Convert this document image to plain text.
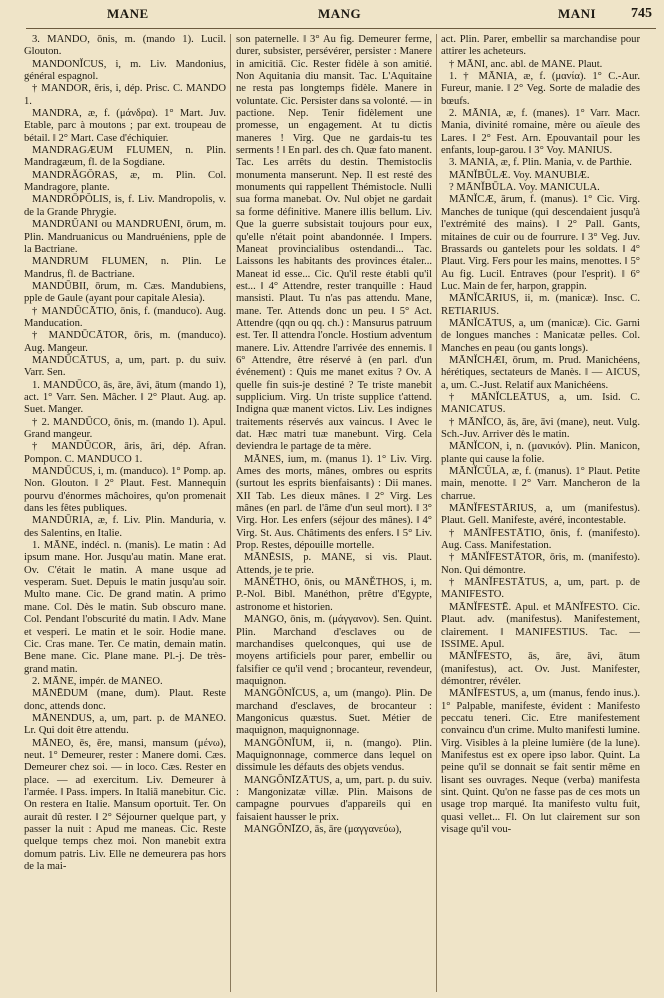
MANE	MANG	MANI 745

3. MANDO, ōnis, m. (mando 1). Lucil. Glouton.

MANDONĬCUS, i, m. Liv. Mandonius, général espagnol.

† MANDOR, ēris, i, dép. Prisc. C. MANDO 1.

MANDRA, æ, f. (μάνδρα). 1° Mart. Juv. Etable, parc à moutons ; par ext. troupeau de bétail. ‖ 2° Mart. Case d'échiquier.

MANDRAGÆUM FLUMEN, n. Plin. Mandragæum, fl. de la Sogdiane.

MANDRĂGŎRAS, æ, m. Plin. Col. Mandragore, plante.

MANDRŌPŎLIS, is, f. Liv. Mandropolis, v. de la Grande Phrygie.

MANDRŬANI ou MANDRUĒNI, ōrum, m. Plin. Mandruanicus ou Mandruéniens, pple de la Bactriane.

MANDRUM FLUMEN, n. Plin. Le Mandrus, fl. de Bactriane.

MANDŪBII, ōrum, m. Cæs. Mandubiens, pple de Gaule (ayant pour capitale Alesia).

† MANDŪCĀTIO, ōnis, f. (manduco). Aug. Manducation.

† MANDŪCĀTOR, ōris, m. (manduco). Aug. Mangeur.

MANDŪCĀTUS, a, um, part. p. du suiv. Varr. Sen.

1. MANDŪCO, ās, āre, āvi, ātum (mando 1), act. 1° Varr. Sen. Mâcher. ‖ 2° Plaut. Aug. ap. Suet. Manger.

† 2. MANDŪCO, ōnis, m. (mando 1). Apul. Grand mangeur.

† MANDŪCOR, āris, āri, dép. Afran. Pompon. C. MANDUCO 1.

MANDŪCUS, i, m. (manduco). 1° Pomp. ap. Non. Glouton. ‖ 2° Plaut. Fest. Mannequin pourvu d'énormes mâchoires, qu'on promenait dans les fêtes publiques.

MANDŪRIA, æ, f. Liv. Plin. Manduria, v. des Salentins, en Italie.

1. MĀNE, indécl. n. (manis). Le matin : Ad ipsum mane. Hor. Jusqu'au matin. Mane erat. Ov. C'était le matin. A mane usque ad vesperam. Suet. Depuis le matin jusqu'au soir. Multo mane. Cic. De grand matin. A primo mane. Col. Dès le matin. Sub obscuro mane. Col. Pendant l'obscurité du matin. ‖ Adv. Mane et vesperi. Le matin et le soir. Hodie mane. Cic. Cras mane. Ter. Ce matin, demain matin. Bene mane. Cic. Plane mane. Pl.-j. De très-grand matin.

2. MĀNE, impér. de MANEO.

MĀNĒDUM (mane, dum). Plaut. Reste donc, attends donc.

MĀNENDUS, a, um, part. p. de MANEO. Lr. Qui doit être attendu.

MĀNEO, ēs, ēre, mansi, mansum (μένω), neut. 1° Demeurer, rester : Manere domi. Cæs. Demeurer chez soi. — in loco. Cæs. Rester en place. — ad exercitum. Liv. Demeurer à l'armée. ‖ Pass. impers. In Italiā manebitur. Cic. On restera en Italie. Mansum oportuit. Ter. On aurait dû rester. ‖ 2° Séjourner quelque part, y passer la nuit : Apud me maneas. Cic. Reste quelque temps chez moi. Non manebit extra domum patris. Liv. Elle ne demeurera pas hors de la mai-

son paternelle. ‖ 3° Au fig. Demeurer ferme, durer, subsister, persévérer, persister : Manere in amicitiā. Cic. Rester fidèle à son amitié. Non Aquitania diu mansit. Tac. L'Aquitaine ne resta pas longtemps fidèle. Manere in voluntate. Cic. Persister dans sa volonté. — in pactione. Nep. Tenir fidèlement une promesse, un engagement. At tu dictis maneres ! Virg. Que ne gardais-tu tes serments ! ‖ En parl. des ch. Quæ fato manent. Tac. Les arrêts du destin. Themistoclis monumenta manserunt. Nep. Il est resté des monuments qui rappellent Thémistocle. Nulli sua forma manebat. Ov. Nul objet ne gardait sa forme définitive. Manere illis bellum. Liv. Que la guerre subsistait toujours pour eux, qu'elle n'était point abandonnée. ‖ Impers. Maneat provincialibus ostendandi... Tac. Laissons les habitants des provinces étaler... Maneat id esse... Cic. Qu'il reste établi qu'il est... ‖ 4° Attendre, rester tranquille : Haud mansisti. Plaut. Tu n'as pas attendu. Mane, mane. Ter. Attends donc un peu. ‖ 5° Act. Attendre (qqn ou qq. ch.) : Mansurus patruum est. Ter. Il attendra l'oncle. Hostium adventum manere. Liv. Attendre l'arrivée des ennemis. ‖ 6° Attendre, être réservé à (en parl. d'un événement) : Quis me manet exitus ? Ov. A quelle fin suis-je destiné ? Te triste manebit supplicium. Virg. Un triste supplice t'attend. Indigna quæ manent victos. Liv. Les indignes traitements réservés aux vaincus. ‖ Avec le dat. Hæc matri tuæ manebunt. Virg. Cela deviendra le partage de ta mère.

MĀNES, ium, m. (manus 1). 1° Liv. Virg. Ames des morts, mânes, ombres ou esprits (surtout les esprits bienfaisants) : Dii manes. XII Tab. Les dieux mânes. ‖ 2° Virg. Les mânes (en parl. de l'âme d'un seul mort). ‖ 3° Virg. Hor. Les enfers (séjour des mânes). ‖ 4° Virg. St. Aus. Châtiments des enfers. ‖ 5° Liv. Prop. Restes, dépouille mortelle.

MĀNĒSIS, p. MANE, si vis. Plaut. Attends, je te prie.

MĀNĔTHO, ōnis, ou MĀNĔTHOS, i, m. P.-Nol. Bibl. Manéthon, prêtre d'Egypte, astronome et historien.

MANGO, ōnis, m. (μάγγανον). Sen. Quint. Plin. Marchand d'esclaves ou de marchandises quelconques, qui use de moyens artificiels pour parer, embellir ou falsifier ce qu'il vend ; brocanteur, revendeur, maquignon.

MANGŌNĬCUS, a, um (mango). Plin. De marchand d'esclaves, de brocanteur : Mangonicus quæstus. Suet. Métier de maquignon, maquignonnage.

MANGŌNĬUM, ii, n. (mango). Plin. Maquignonnage, commerce dans lequel on dissimule les défauts des objets vendus.

MANGŌNĪZĀTUS, a, um, part. p. du suiv. : Mangonizatæ villæ. Plin. Maisons de campagne pourvues d'appareils qui en faisaient hausser le prix.

MANGŌNĪZO, ās, āre (μαγγανεύω),

act. Plin. Parer, embellir sa marchandise pour attirer les acheteurs.

† MĀNI, anc. abl. de MANE. Plaut.

1. † MĀNIA, æ, f. (μανία). 1° C.-Aur. Fureur, manie. ‖ 2° Veg. Sorte de maladie des bœufs.

2. MĀNIA, æ, f. (manes). 1° Varr. Macr. Mania, divinité romaine, mère ou aïeule des Lares. ‖ 2° Fest. Arn. Epouvantail pour les enfants, loup-garou. ‖ 3° Voy. MANIUS.

3. MANIA, æ, f. Plin. Mania, v. de Parthie.

MĀNĬBŪLÆ. Voy. MANUBIÆ.

? MĀNĬBŪLA. Voy. MANICULA.

MĀNĬCÆ, ārum, f. (manus). 1° Cic. Virg. Manches de tunique (qui descendaient jusqu'à l'extrémité des mains). ‖ 2° Pall. Gants, mitaines de cuir ou de fourrure. ‖ 3° Veg. Juv. Brassards ou gantelets pour les soldats. ‖ 4° Plaut. Virg. Fers pour les mains, menottes. ‖ 5° Au fig. Lucil. Entraves (pour l'esprit). ‖ 6° Luc. Main de fer, harpon, grappin.

MĀNĬCĀRIUS, ii, m. (manicæ). Insc. C. RETIARIUS.

MĀNĬCĀTUS, a, um (manicæ). Cic. Garni de longues manches : Manicatæ pelles. Col. Manches en peau (ou gants longs).

MĀNĬCHÆI, ōrum, m. Prud. Manichéens, hérétiques, sectateurs de Manès. ‖ — AICUS, a, um. C.-Just. Relatif aux Manichéens.

† MĀNĬCLEĀTUS, a, um. Isid. C. MANICATUS.

† MĀNĬCO, ās, āre, āvi (mane), neut. Vulg. Sch.-Juv. Arriver dès le matin.

MĀNĬCON, i, n. (μανικόν). Plin. Manicon, plante qui cause la folie.

MĀNĬCŬLA, æ, f. (manus). 1° Plaut. Petite main, menotte. ‖ 2° Varr. Mancheron de la charrue.

MĀNĬFESTĀRIUS, a, um (manifestus). Plaut. Gell. Manifeste, avéré, incontestable.

† MĀNĬFESTĀTIO, ōnis, f. (manifesto). Aug. Cass. Manifestation.

† MĀNĬFESTĀTOR, ōris, m. (manifesto). Non. Qui démontre.

† MĀNĬFESTĀTUS, a, um, part. p. de MANIFESTO.

MĀNĬFESTĒ. Apul. et MĀNĬFESTO. Cic. Plaut. adv. (manifestus). Manifestement, clairement. ‖ MANIFESTIUS. Tac. — ISSIME. Apul.

MĀNĬFESTO, ās, āre, āvi, ātum (manifestus), act. Ov. Just. Manifester, démontrer, révéler.

MĀNĬFESTUS, a, um (manus, fendo inus.). 1° Palpable, manifeste, évident : Manifesto peccatu teneri. Cic. Etre manifestement convaincu d'un crime. Multo manifesti lumine. Virg. Visibles à la pleine lumière (de la lune). Manifestus est ex opere ipso labor. Quint. La peine qu'il se donnait se fait sentir même en lisant ses ouvrages. Neque (verba) manifesta sint. Quint. Qu'on ne fasse pas de ces mots un usage trop marqué. Ita manifesto vultu fuit, quasi vellet... Fl. On lut clairement sur son visage qu'il vou-
